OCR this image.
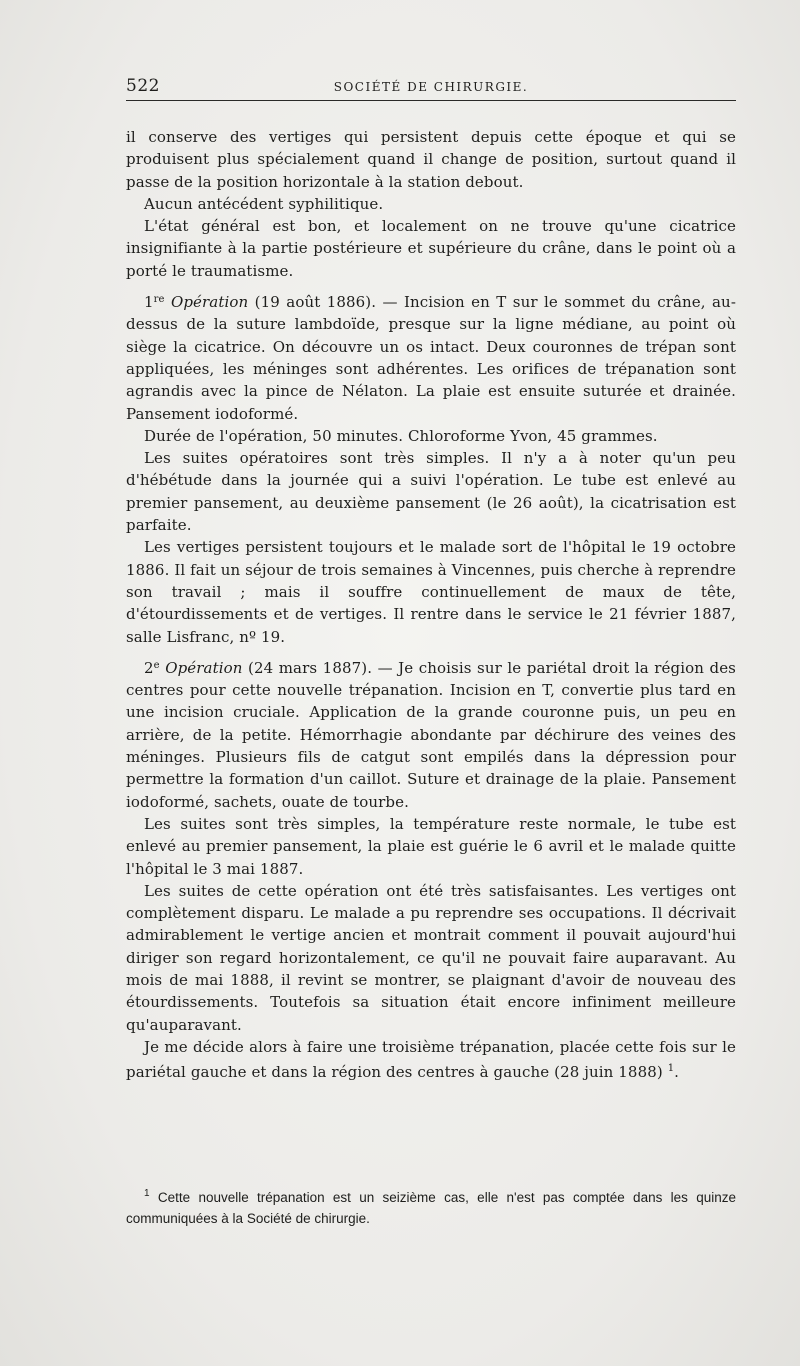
522	SOCIÉTÉ DE CHIRURGIE.

il conserve des vertiges qui persistent depuis cette époque et qui se produisent plus spécialement quand il change de position, surtout quand il passe de la position horizontale à la station debout.

Aucun antécédent syphilitique.

L'état général est bon, et localement on ne trouve qu'une cicatrice insignifiante à la partie postérieure et supérieure du crâne, dans le point où a porté le traumatisme.

1re Opération (19 août 1886). — Incision en T sur le sommet du crâne, au-dessus de la suture lambdoïde, presque sur la ligne médiane, au point où siège la cicatrice. On découvre un os intact. Deux couronnes de trépan sont appliquées, les méninges sont adhérentes. Les orifices de trépanation sont agrandis avec la pince de Nélaton. La plaie est ensuite suturée et drainée. Pansement iodoformé.

Durée de l'opération, 50 minutes. Chloroforme Yvon, 45 grammes.

Les suites opératoires sont très simples. Il n'y a à noter qu'un peu d'hébétude dans la journée qui a suivi l'opération. Le tube est enlevé au premier pansement, au deuxième pansement (le 26 août), la cicatrisation est parfaite.

Les vertiges persistent toujours et le malade sort de l'hôpital le 19 octobre 1886. Il fait un séjour de trois semaines à Vincennes, puis cherche à reprendre son travail ; mais il souffre continuellement de maux de tête, d'étourdissements et de vertiges. Il rentre dans le service le 21 février 1887, salle Lisfranc, nº 19.

2e Opération (24 mars 1887). — Je choisis sur le pariétal droit la région des centres pour cette nouvelle trépanation. Incision en T, convertie plus tard en une incision cruciale. Application de la grande couronne puis, un peu en arrière, de la petite. Hémorrhagie abondante par déchirure des veines des méninges. Plusieurs fils de catgut sont empilés dans la dépression pour permettre la formation d'un caillot. Suture et drainage de la plaie. Pansement iodoformé, sachets, ouate de tourbe.

Les suites sont très simples, la température reste normale, le tube est enlevé au premier pansement, la plaie est guérie le 6 avril et le malade quitte l'hôpital le 3 mai 1887.

Les suites de cette opération ont été très satisfaisantes. Les vertiges ont complètement disparu. Le malade a pu reprendre ses occupations. Il décrivait admirablement le vertige ancien et montrait comment il pouvait aujourd'hui diriger son regard horizontalement, ce qu'il ne pouvait faire auparavant. Au mois de mai 1888, il revint se montrer, se plaignant d'avoir de nouveau des étourdissements. Toutefois sa situation était encore infiniment meilleure qu'auparavant.

Je me décide alors à faire une troisième trépanation, placée cette fois sur le pariétal gauche et dans la région des centres à gauche (28 juin 1888) $^1$.

$^1$ Cette nouvelle trépanation est un seizième cas, elle n'est pas comptée dans les quinze communiquées à la Société de chirurgie.
